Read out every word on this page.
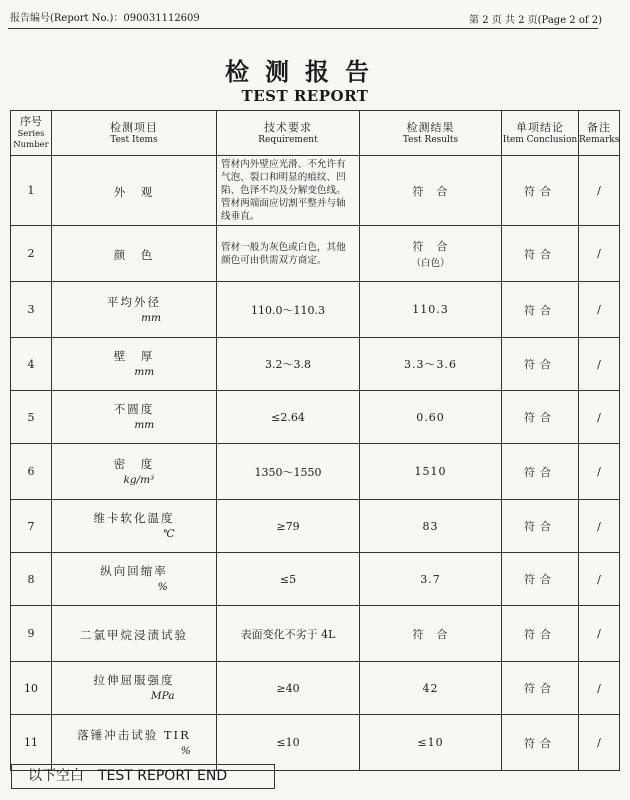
报告编号(Report No.)：090031112609	第 2 页 共 2 页(Page 2 of 2)
检测报告
TEST REPORT
序号
Series Number	检测项目
Test Items	技术要求
Requirement	检测结果
Test Results	单项结论
Item Conclusion	备注
Remarks

1	外　观	管材内外壁应光滑、不允许有气泡、裂口和明显的痕纹、凹陷、色泽不均及分解变色线。管材两端面应切割平整并与轴线垂直。	符　合	符合	/
2	颜　色	管材一般为灰色或白色，其他颜色可由供需双方商定。	符　合
（白色）	符合	/
3	平均外径
mm	110.0～110.3	110.3	符合	/
4	壁　厚
mm	3.2～3.8	3.3～3.6	符合	/
5	不圆度
mm	≤2.64	0.60	符合	/
6	密　度
kg/m³	1350～1550	1510	符合	/
7	维卡软化温度
℃	≥79	83	符合	/
8	纵向回缩率
%	≤5	3.7	符合	/
9	二氯甲烷浸渍试验	表面变化不劣于 4L	符　合	符合	/
10	拉伸屈服强度
MPa	≥40	42	符合	/
11	落锤冲击试验 TIR
%	≤10	≤10	符合	/
以下空白　TEST REPORT END
